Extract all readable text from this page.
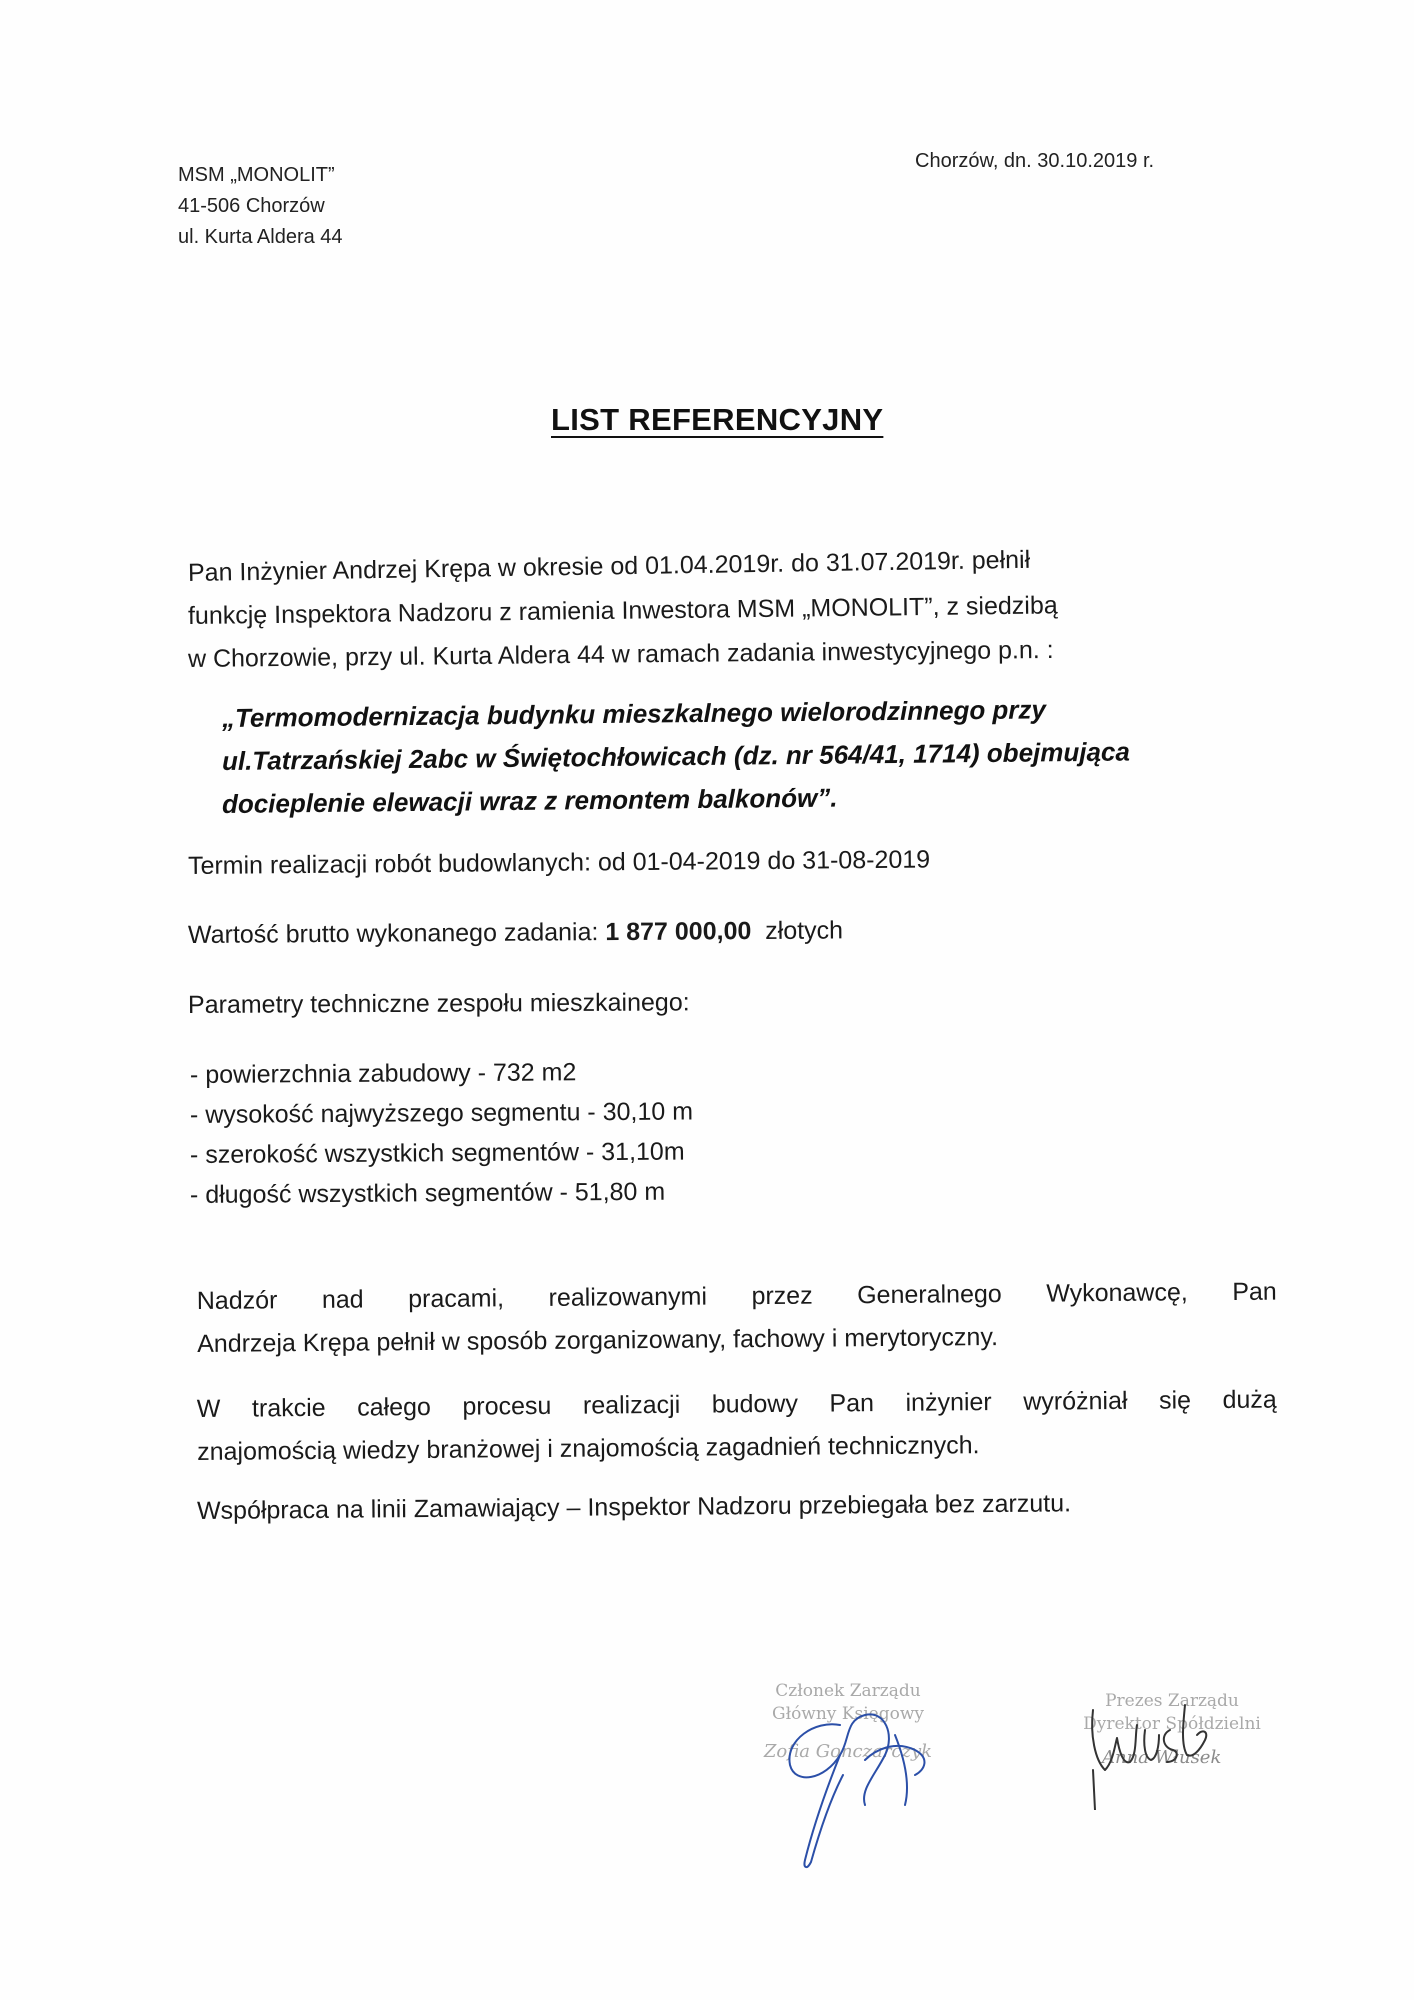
MSM „MONOLIT”
41-506 Chorzów
ul. Kurta Aldera 44
Chorzów, dn. 30.10.2019 r.
LIST REFERENCYJNY
Pan Inżynier Andrzej Krępa w okresie od 01.04.2019r. do 31.07.2019r. pełnił
funkcję Inspektora Nadzoru z ramienia Inwestora MSM „MONOLIT”, z siedzibą
w Chorzowie, przy ul. Kurta Aldera 44 w ramach zadania inwestycyjnego p.n. :
„Termomodernizacja budynku mieszkalnego wielorodzinnego przy
ul.Tatrzańskiej 2abc w Świętochłowicach (dz. nr 564/41, 1714) obejmująca
docieplenie elewacji wraz z remontem balkonów”.
Termin realizacji robót budowlanych: od 01-04-2019 do 31-08-2019
Wartość brutto wykonanego zadania: 1 877 000,00  złotych
Parametry techniczne zespołu mieszkainego:
- powierzchnia zabudowy - 732 m2
- wysokość najwyższego segmentu - 30,10 m
- szerokość wszystkich segmentów - 31,10m
- długość wszystkich segmentów - 51,80 m
Nadzór nad pracami, realizowanymi przez Generalnego Wykonawcę, Pan
Andrzeja Krępa pełnił w sposób zorganizowany, fachowy i merytoryczny.
W trakcie całego procesu realizacji budowy Pan inżynier wyróżniał się dużą
znajomością wiedzy branżowej i znajomością zagadnień technicznych.
Współpraca na linii Zamawiający – Inspektor Nadzoru przebiegała bez zarzutu.
Członek Zarządu
Główny Księgowy
Zofia Gonczarczyk
Prezes Zarządu
Dyrektor Spółdzielni
Anna Włusek
